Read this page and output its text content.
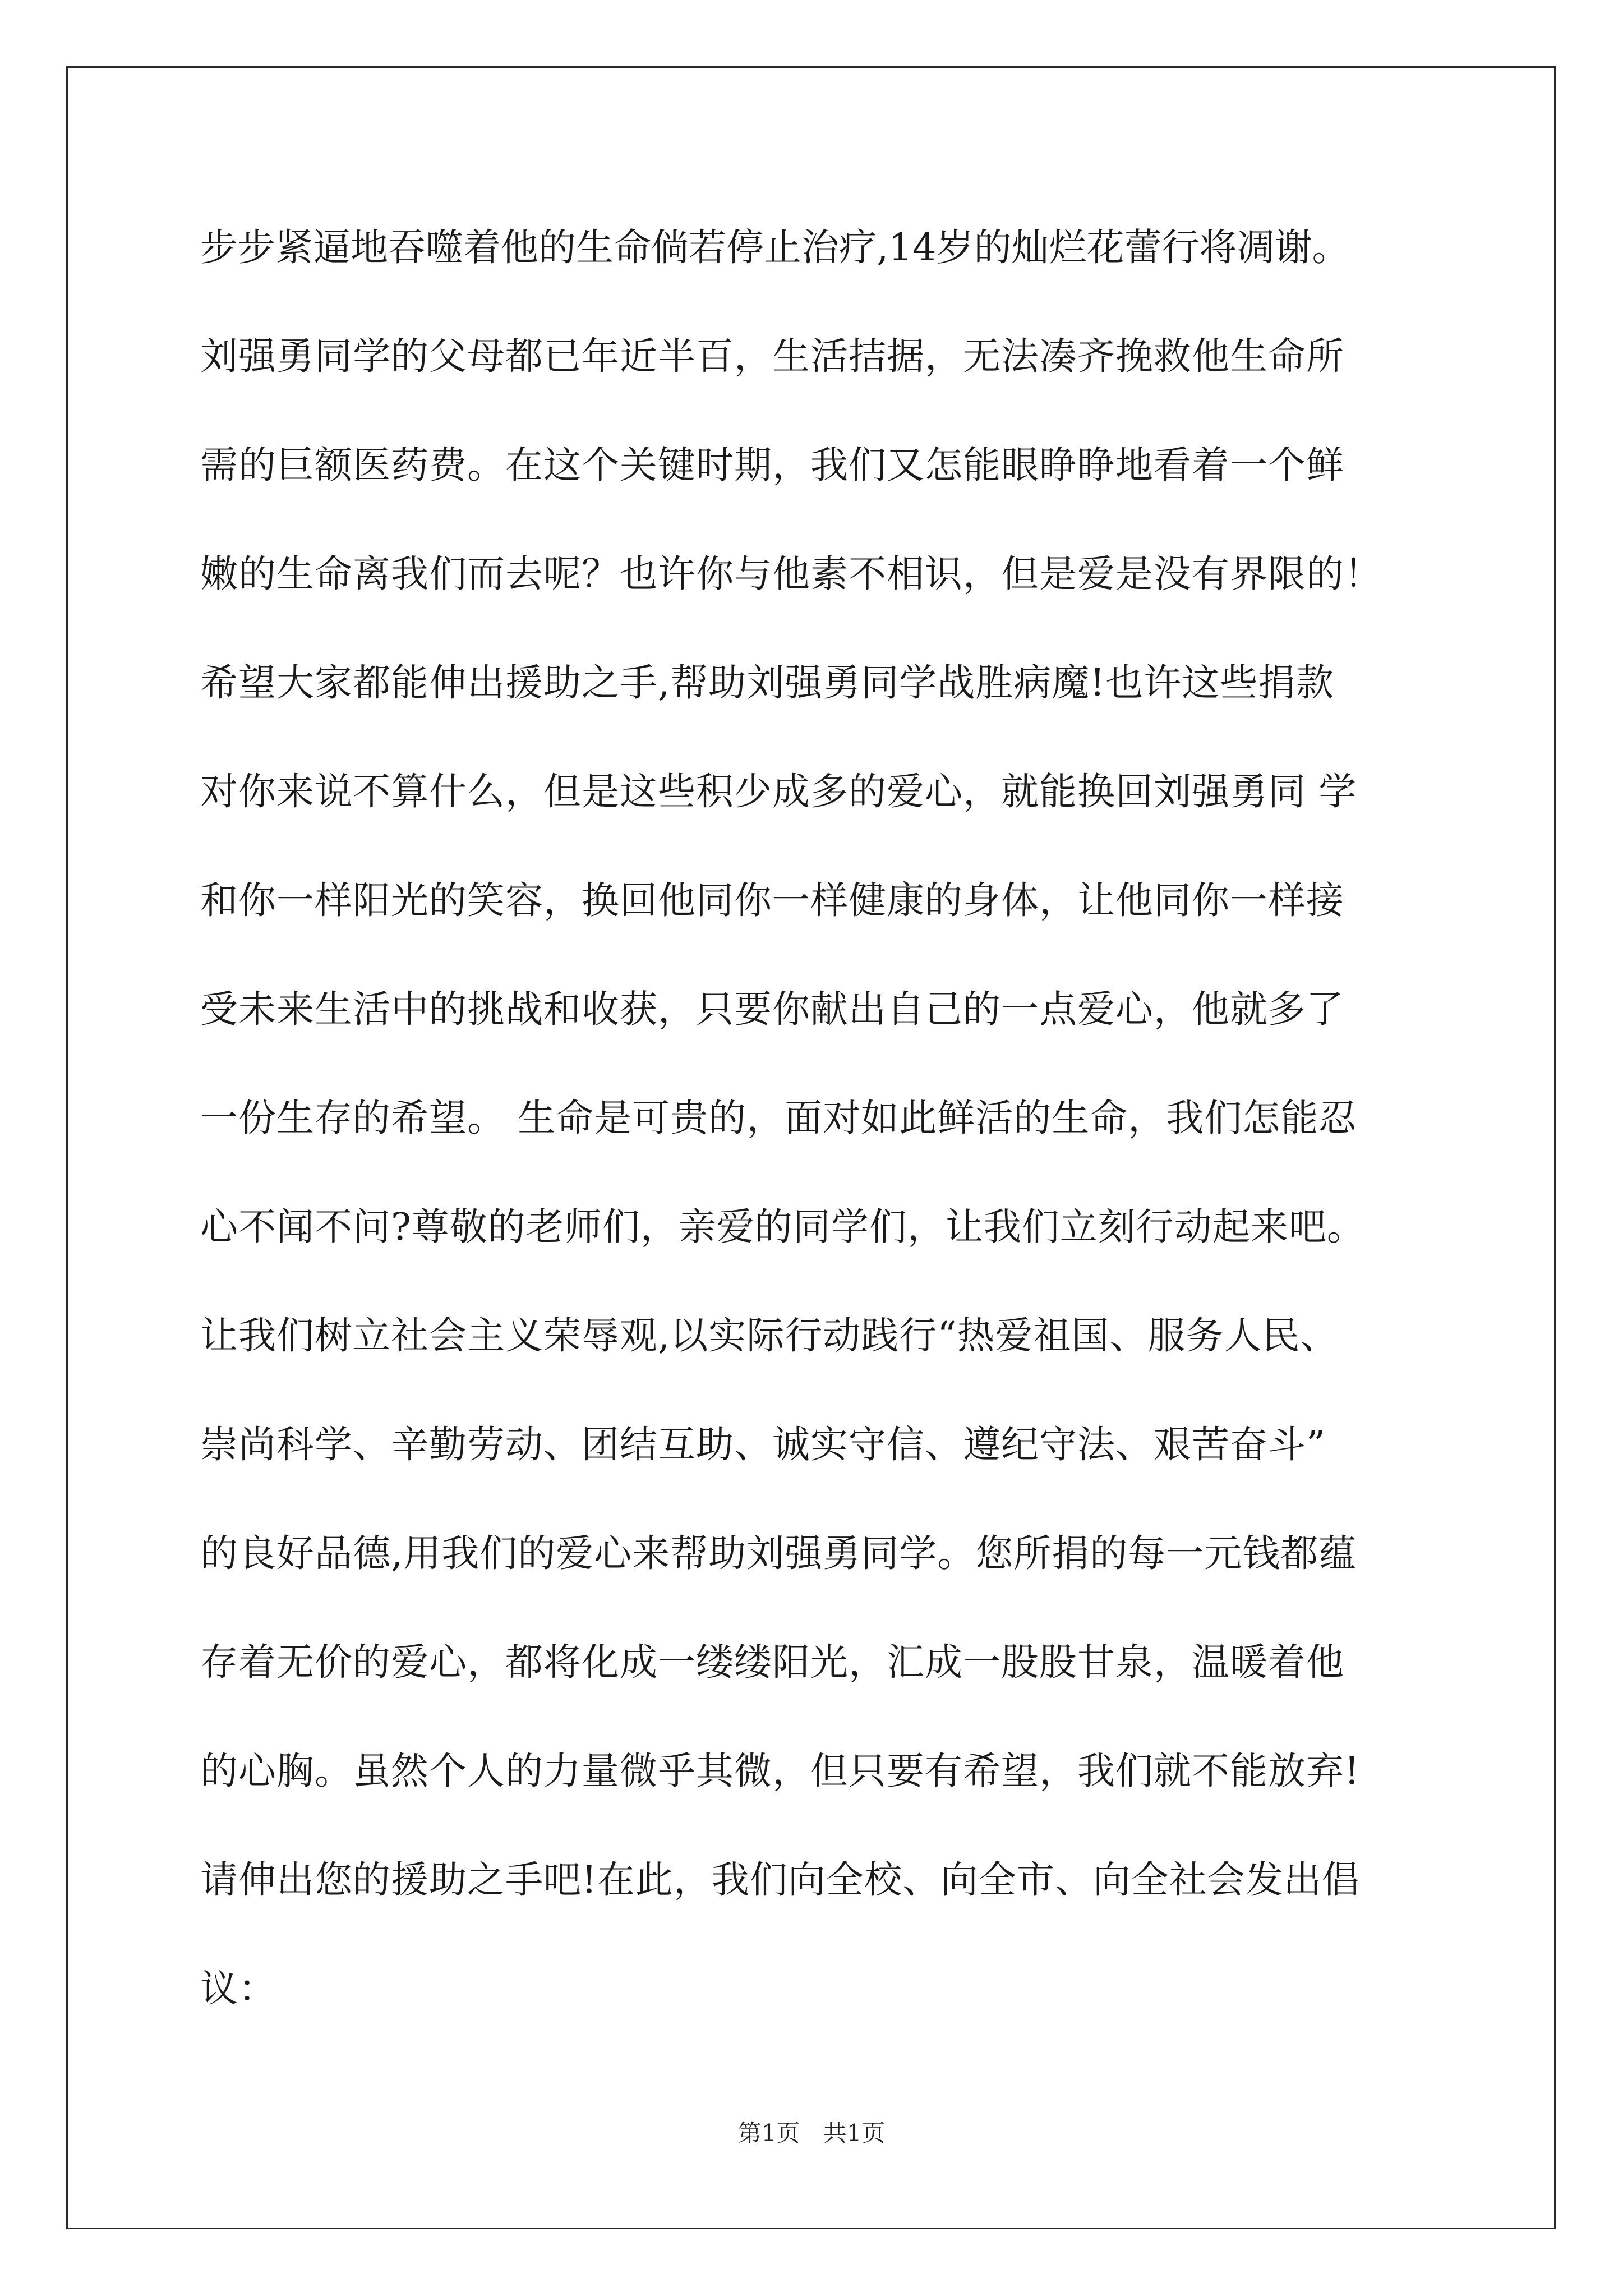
步步紧逼地吞噬着他的生命倘若停止治疗,14岁的灿烂花蕾行将凋谢。
刘强勇同学的父母都已年近半百，生活拮据，无法凑齐挽救他生命所
需的巨额医药费。在这个关键时期，我们又怎能眼睁睁地看着一个鲜
嫩的生命离我们而去呢？也许你与他素不相识，但是爱是没有界限的！
希望大家都能伸出援助之手,帮助刘强勇同学战胜病魔!也许这些捐款
对你来说不算什么，但是这些积少成多的爱心，就能换回刘强勇同 学
和你一样阳光的笑容，换回他同你一样健康的身体，让他同你一样接
受未来生活中的挑战和收获，只要你献出自己的一点爱心，他就多了
一份生存的希望。 生命是可贵的，面对如此鲜活的生命，我们怎能忍
心不闻不问?尊敬的老师们，亲爱的同学们，让我们立刻行动起来吧。
让我们树立社会主义荣辱观,以实际行动践行“热爱祖国、服务人民、
崇尚科学、辛勤劳动、团结互助、诚实守信、遵纪守法、艰苦奋斗”
的良好品德,用我们的爱心来帮助刘强勇同学。您所捐的每一元钱都蕴
存着无价的爱心，都将化成一缕缕阳光，汇成一股股甘泉，温暖着他
的心胸。虽然个人的力量微乎其微，但只要有希望，我们就不能放弃!
请伸出您的援助之手吧!在此，我们向全校、向全市、向全社会发出倡
议：
第1页 共1页
